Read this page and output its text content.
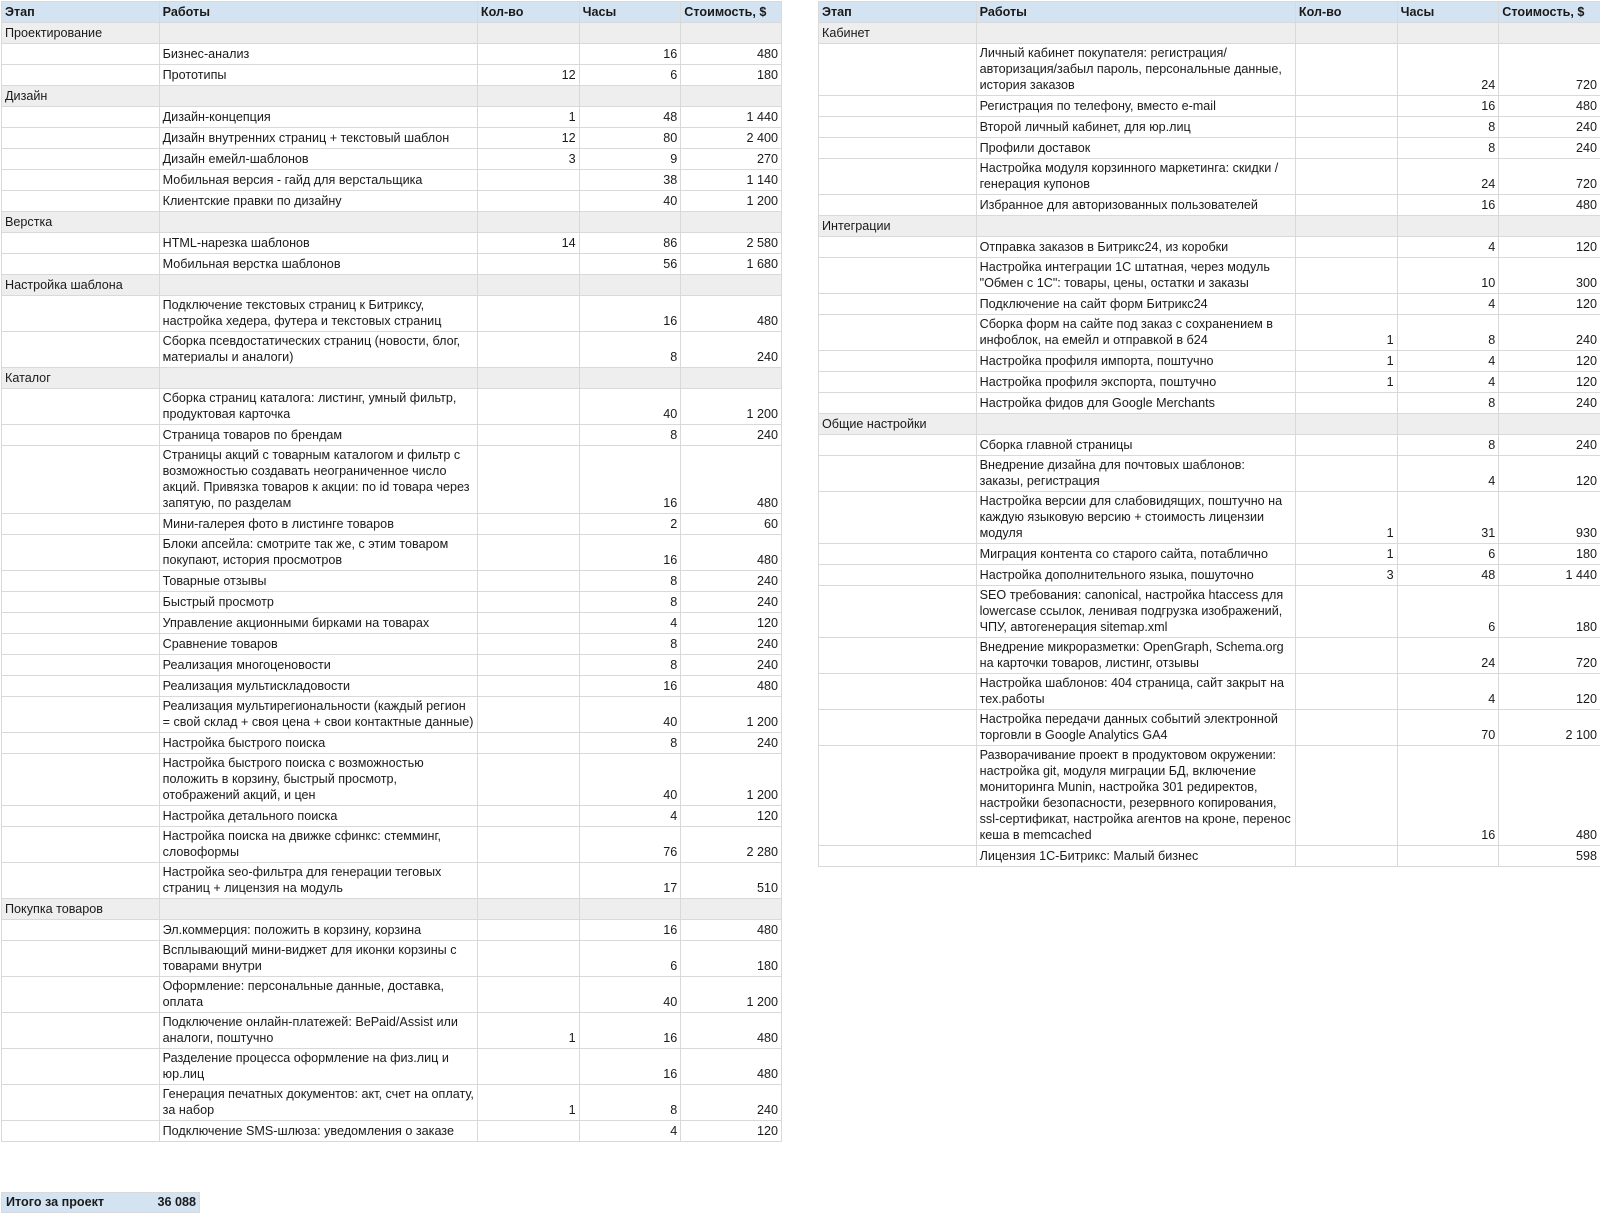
Этап	Работы	Кол-во	Часы	Стоимость, $
Проектирование				
	Бизнес-анализ		16	480
	Прототипы	12	6	180
Дизайн				
	Дизайн-концепция	1	48	1 440
	Дизайн внутренних страниц + текстовый шаблон	12	80	2 400
	Дизайн емейл-шаблонов	3	9	270
	Мобильная версия - гайд для верстальщика		38	1 140
	Клиентские правки по дизайну		40	1 200
Верстка				
	HTML-нарезка шаблонов	14	86	2 580
	Мобильная верстка шаблонов		56	1 680
Настройка шаблона				
	Подключение текстовых страниц к Битриксу, настройка хедера, футера и текстовых страниц		16	480
	Сборка псевдостатических страниц (новости, блог, материалы и аналоги)		8	240
Каталог				
	Сборка страниц каталога: листинг, умный фильтр, продуктовая карточка		40	1 200
	Страница товаров по брендам		8	240
	Страницы акций с товарным каталогом и фильтр с возможностью создавать неограниченное число акций. Привязка товаров к акции: по id товара через запятую, по разделам		16	480
	Мини-галерея фото в листинге товаров		2	60
	Блоки апсейла: смотрите так же, с этим товаром покупают, история просмотров		16	480
	Товарные отзывы		8	240
	Быстрый просмотр		8	240
	Управление акционными бирками на товарах		4	120
	Сравнение товаров		8	240
	Реализация многоценовости		8	240
	Реализация мультискладовости		16	480
	Реализация мультирегиональности (каждый регион = свой склад + своя цена + свои контактные данные)		40	1 200
	Настройка быстрого поиска		8	240
	Настройка быстрого поиска с возможностью положить в корзину, быстрый просмотр, отображений акций, и цен		40	1 200
	Настройка детального поиска		4	120
	Настройка поиска на движке сфинкс: стемминг, словоформы		76	2 280
	Настройка seo-фильтра для генерации теговых страниц + лицензия на модуль		17	510
Покупка товаров				
	Эл.коммерция: положить в корзину, корзина		16	480
	Всплывающий мини-виджет для иконки корзины с товарами внутри		6	180
	Оформление: персональные данные, доставка, оплата		40	1 200
	Подключение онлайн-платежей: BePaid/Assist или аналоги, поштучно	1	16	480
	Разделение процесса оформление на физ.лиц и юр.лиц		16	480
	Генерация печатных документов: акт, счет на оплату, за набор	1	8	240
	Подключение SMS-шлюза: уведомления о заказе		4	120
Этап	Работы	Кол-во	Часы	Стоимость, $
Кабинет				
	Личный кабинет покупателя: регистрация/авторизация/забыл пароль, персональные данные, история заказов		24	720
	Регистрация по телефону, вместо e-mail		16	480
	Второй личный кабинет, для юр.лиц		8	240
	Профили доставок		8	240
	Настройка модуля корзинного маркетинга: скидки / генерация купонов		24	720
	Избранное для авторизованных пользователей		16	480
Интеграции				
	Отправка заказов в Битрикс24, из коробки		4	120
	Настройка интеграции 1С штатная, через модуль "Обмен с 1С": товары, цены, остатки и заказы		10	300
	Подключение на сайт форм Битрикс24		4	120
	Сборка форм на сайте под заказ с сохранением в инфоблок, на емейл и отправкой в б24	1	8	240
	Настройка профиля импорта, поштучно	1	4	120
	Настройка профиля экспорта, поштучно	1	4	120
	Настройка фидов для Google Merchants		8	240
Общие настройки				
	Сборка главной страницы		8	240
	Внедрение дизайна для почтовых шаблонов: заказы, регистрация		4	120
	Настройка версии для слабовидящих, поштучно на каждую языковую версию + стоимость лицензии модуля	1	31	930
	Миграция контента со старого сайта, потаблично	1	6	180
	Настройка дополнительного языка, пошуточно	3	48	1 440
	SEO требования: canonical, настройка htaccess для lowercase ссылок, ленивая подгрузка изображений, ЧПУ, автогенерация sitemap.xml		6	180
	Внедрение микроразметки: OpenGraph, Schema.org на карточки товаров, листинг, отзывы		24	720
	Настройка шаблонов: 404 страница, сайт закрыт на тех.работы		4	120
	Настройка передачи данных событий электронной торговли в Google Analytics GA4		70	2 100
	Разворачивание проект в продуктовом окружении: настройка git, модуля миграции БД, включение мониторинга Munin, настройка 301 редиректов, настройки безопасности, резервного копирования, ssl-сертификат, настройка агентов на кроне, перенос кеша в memcached		16	480
	Лицензия 1С-Битрикс: Малый бизнес			598
Итого за проект	36 088
